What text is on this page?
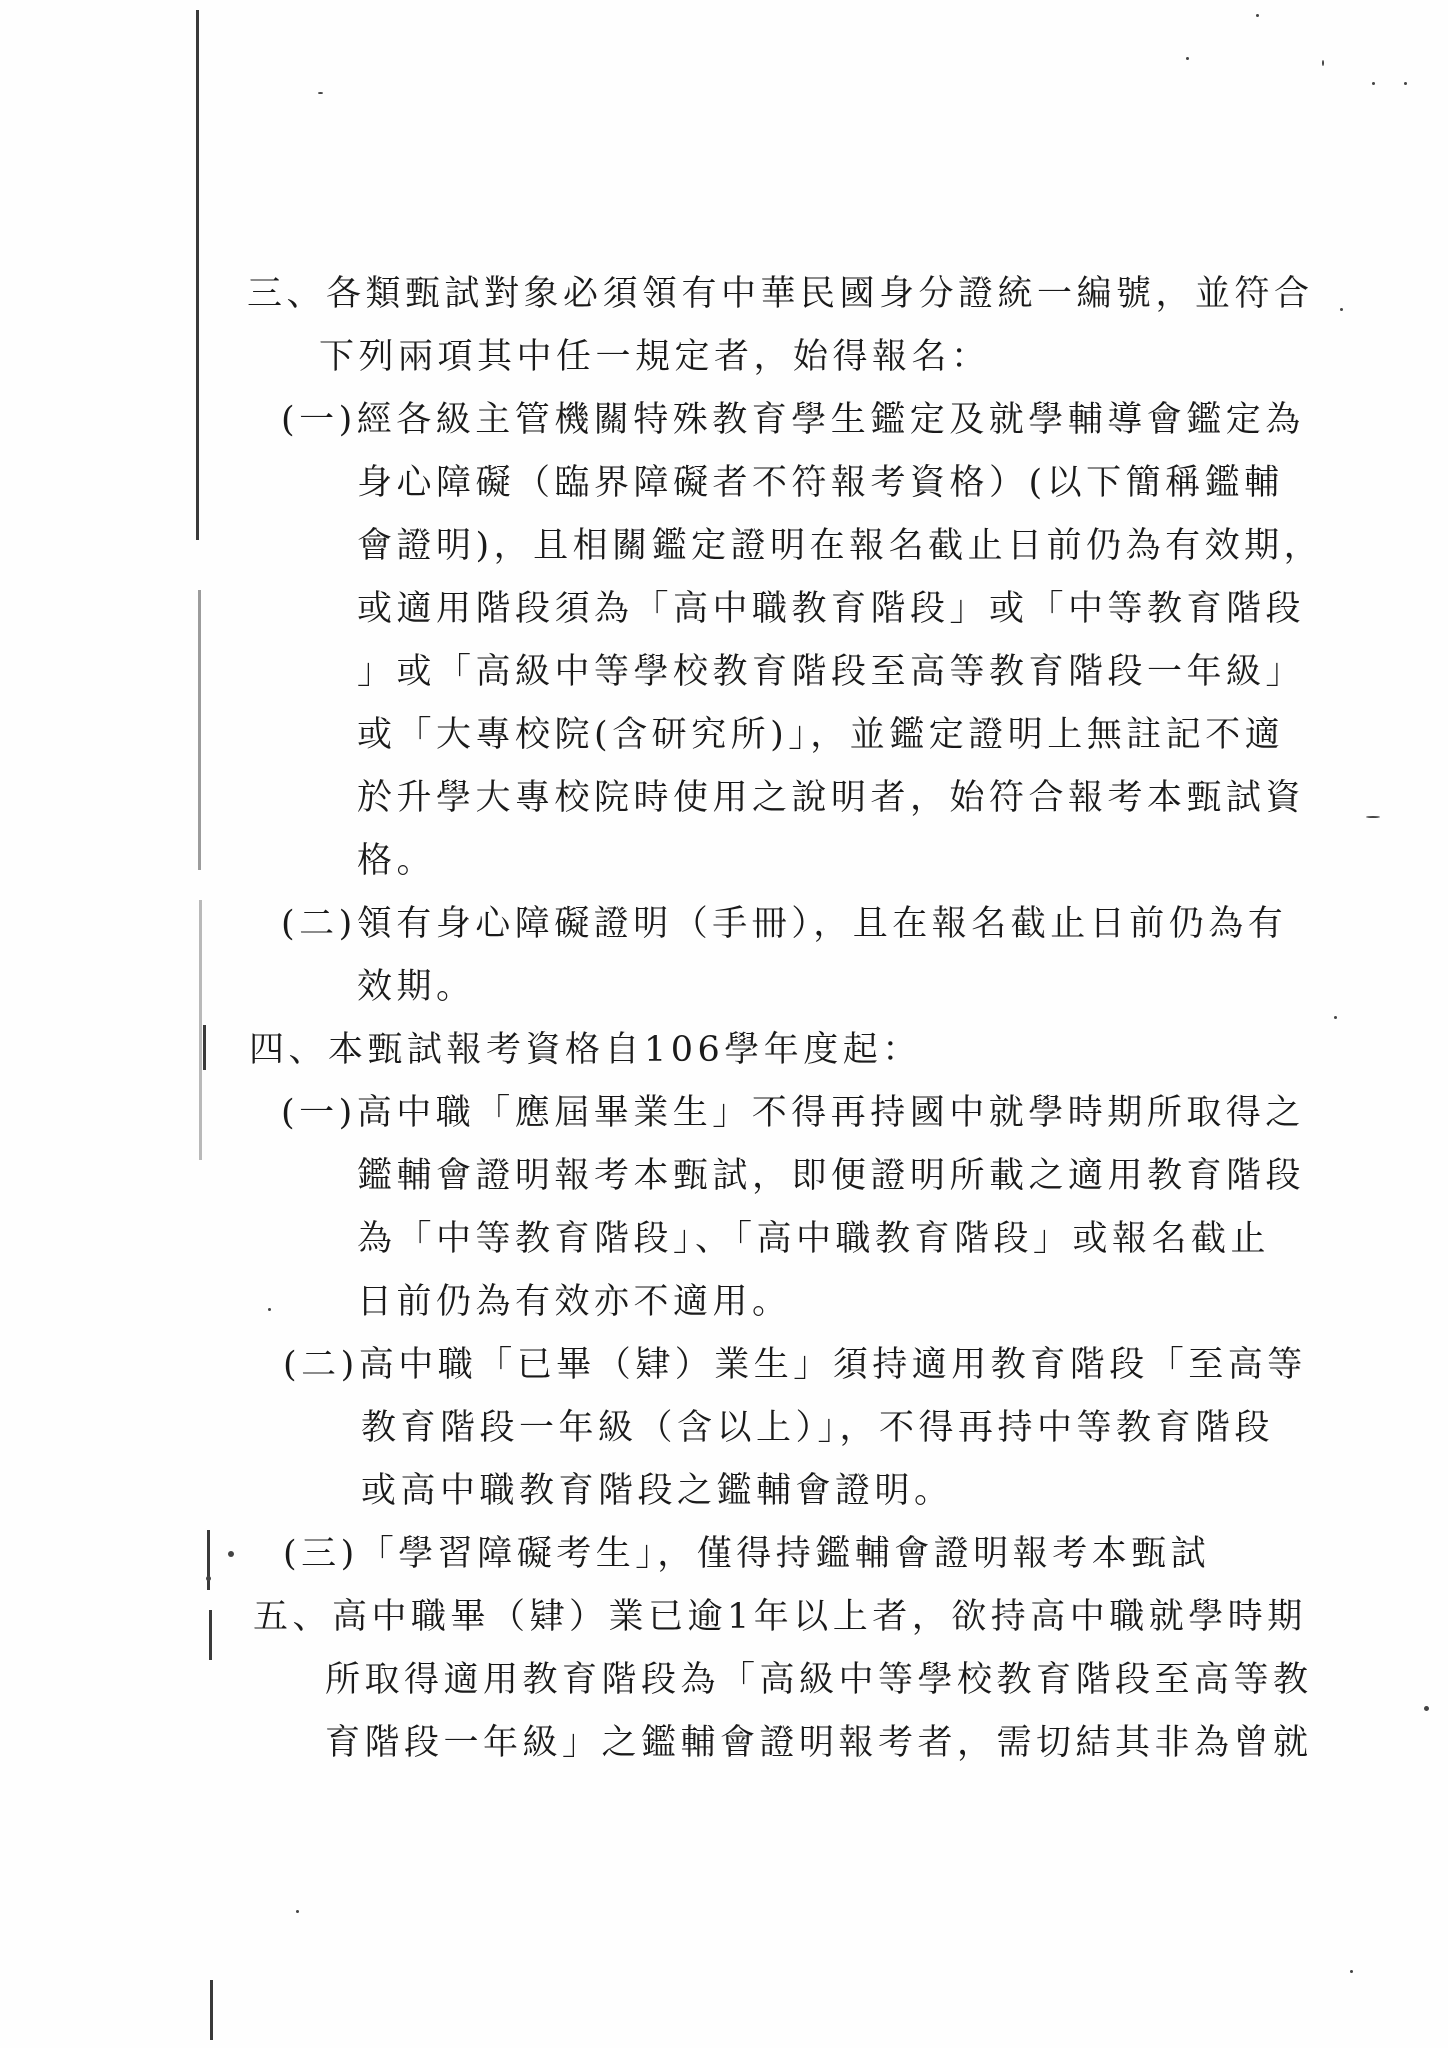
三、各類甄試對象必須領有中華民國身分證統一編號，並符合
下列兩項其中任一規定者，始得報名：
(一)經各級主管機關特殊教育學生鑑定及就學輔導會鑑定為
身心障礙（臨界障礙者不符報考資格）(以下簡稱鑑輔
會證明)，且相關鑑定證明在報名截止日前仍為有效期，
或適用階段須為「高中職教育階段」或「中等教育階段
」或「高級中等學校教育階段至高等教育階段一年級」
或「大專校院(含研究所)」，並鑑定證明上無註記不適
於升學大專校院時使用之說明者，始符合報考本甄試資
格。
(二)領有身心障礙證明（手冊），且在報名截止日前仍為有
效期。
四、本甄試報考資格自106學年度起：
(一)高中職「應屆畢業生」不得再持國中就學時期所取得之
鑑輔會證明報考本甄試，即便證明所載之適用教育階段
為「中等教育階段」、「高中職教育階段」或報名截止
日前仍為有效亦不適用。
(二)高中職「已畢（肄）業生」須持適用教育階段「至高等
教育階段一年級（含以上）」，不得再持中等教育階段
或高中職教育階段之鑑輔會證明。
(三)「學習障礙考生」，僅得持鑑輔會證明報考本甄試
五、高中職畢（肄）業已逾1年以上者，欲持高中職就學時期
所取得適用教育階段為「高級中等學校教育階段至高等教
育階段一年級」之鑑輔會證明報考者，需切結其非為曾就
